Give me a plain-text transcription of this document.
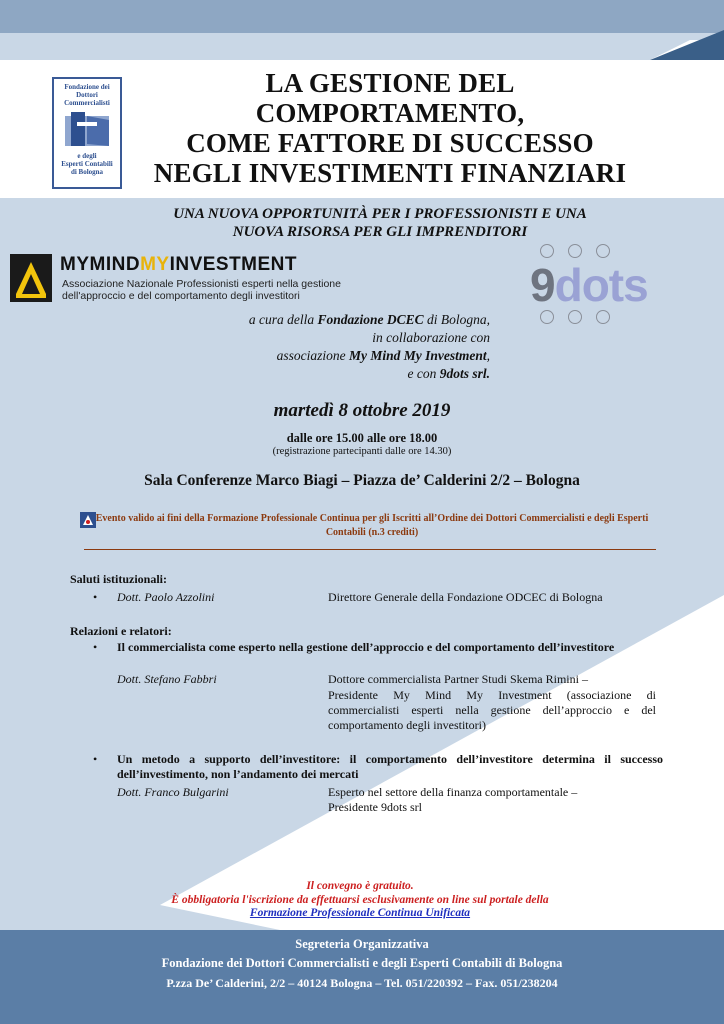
Fondazione dei
Dottori
Commercialisti
e degli
Esperti Contabili
di Bologna
LA GESTIONE DEL
COMPORTAMENTO,
COME FATTORE DI SUCCESSO
NEGLI INVESTIMENTI FINANZIARI
UNA NUOVA OPPORTUNITÀ PER I PROFESSIONISTI E UNA
NUOVA RISORSA PER GLI IMPRENDITORI
MYMINDMYINVESTMENT
Associazione Nazionale Professionisti esperti nella gestione
dell'approccio e del comportamento degli investitori	9dots
a cura della Fondazione DCEC di Bologna,
in collaborazione con
associazione My Mind My Investment,
e con 9dots srl.
martedì 8 ottobre 2019
dalle ore 15.00 alle ore 18.00
(registrazione partecipanti dalle ore 14.30)
Sala Conferenze Marco Biagi – Piazza de’ Calderini 2/2 – Bologna
Evento valido ai fini della Formazione Professionale Continua per gli Iscritti all’Ordine dei Dottori Commercialisti e degli Esperti Contabili (n.3 crediti)
Saluti istituzionali:
• Dott. Paolo Azzolini	Direttore Generale della Fondazione ODCEC di Bologna
Relazioni e relatori:
• Il commercialista come esperto nella gestione dell’approccio e del comportamento dell’investitore
Dott. Stefano Fabbri	Dottore commercialista Partner Studi Skema Rimini –
Presidente My Mind My Investment (associazione di commercialisti esperti nella gestione dell’approccio e del comportamento degli investitori)
• Un metodo a supporto dell’investitore: il comportamento dell’investitore determina il successo dell’investimento, non l’andamento dei mercati
Dott. Franco Bulgarini	Esperto nel settore della finanza comportamentale –
Presidente 9dots srl
Il convegno è gratuito.
È obbligatoria l'iscrizione da effettuarsi esclusivamente on line sul portale della
Formazione Professionale Continua Unificata
Segreteria Organizzativa
Fondazione dei Dottori Commercialisti e degli Esperti Contabili di Bologna
P.zza De’ Calderini, 2/2 – 40124 Bologna – Tel. 051/220392 – Fax. 051/238204
